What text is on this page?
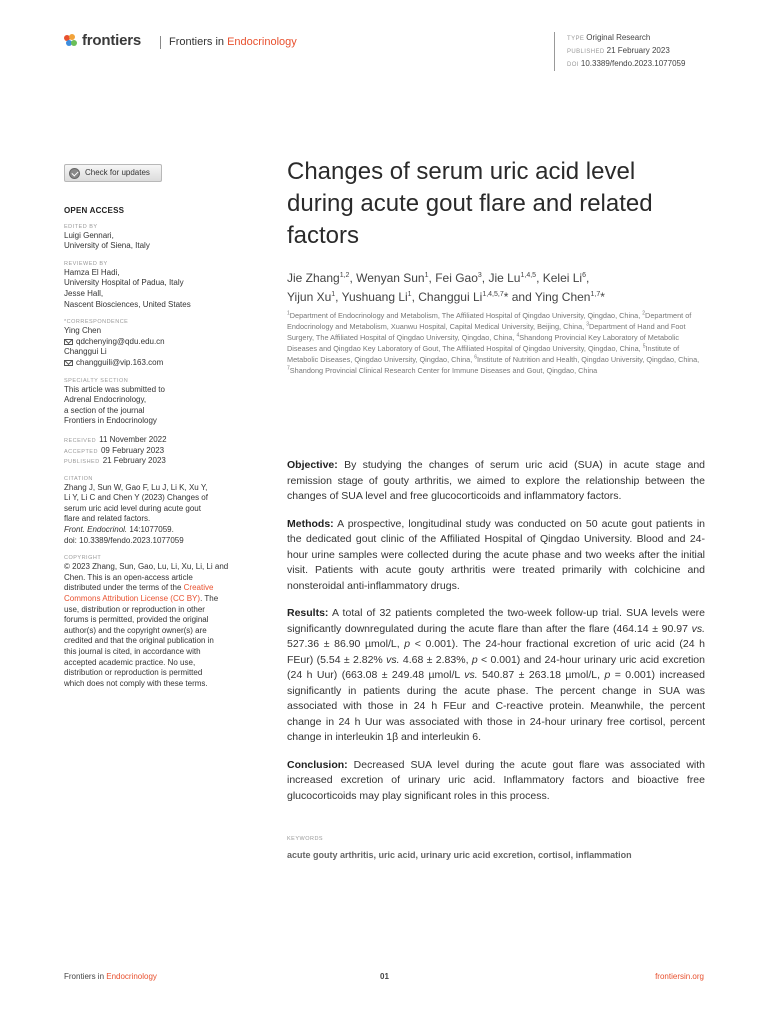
frontiers	Frontiers in Endocrinology	TYPE Original Research
PUBLISHED 21 February 2023
DOI 10.3389/fendo.2023.1077059
Check for updates
OPEN ACCESS
EDITED BY
Luigi Gennari,
University of Siena, Italy
REVIEWED BY
Hamza El Hadi,
University Hospital of Padua, Italy
Jesse Hall,
Nascent Biosciences, United States
*CORRESPONDENCE
Ying Chen
qdchenying@qdu.edu.cn
Changgui Li
changguili@vip.163.com
SPECIALTY SECTION
This article was submitted to
Adrenal Endocrinology,
a section of the journal
Frontiers in Endocrinology
RECEIVED 11 November 2022
ACCEPTED 09 February 2023
PUBLISHED 21 February 2023
CITATION
Zhang J, Sun W, Gao F, Lu J, Li K, Xu Y,
Li Y, Li C and Chen Y (2023) Changes of
serum uric acid level during acute gout
flare and related factors.
Front. Endocrinol. 14:1077059.
doi: 10.3389/fendo.2023.1077059
COPYRIGHT
© 2023 Zhang, Sun, Gao, Lu, Li, Xu, Li, Li and
Chen. This is an open-access article
distributed under the terms of the Creative
Commons Attribution License (CC BY). The
use, distribution or reproduction in other
forums is permitted, provided the original
author(s) and the copyright owner(s) are
credited and that the original publication in
this journal is cited, in accordance with
accepted academic practice. No use,
distribution or reproduction is permitted
which does not comply with these terms.
Changes of serum uric acid level during acute gout flare and related factors
Jie Zhang$^{1,2}$, Wenyan Sun$^1$, Fei Gao$^3$, Jie Lu$^{1,4,5}$, Kelei Li$^6$,
Yijun Xu$^1$, Yushuang Li$^1$, Changgui Li$^{1,4,5,7}$* and Ying Chen$^{1,7}$*
$^1$Department of Endocrinology and Metabolism, The Affiliated Hospital of Qingdao University, Qingdao, China, $^2$Department of Endocrinology and Metabolism, Xuanwu Hospital, Capital Medical University, Beijing, China, $^3$Department of Hand and Foot Surgery, The Affiliated Hospital of Qingdao University, Qingdao, China, $^4$Shandong Provincial Key Laboratory of Metabolic Diseases and Qingdao Key Laboratory of Gout, The Affiliated Hospital of Qingdao University, Qingdao, China, $^5$Institute of Metabolic Diseases, Qingdao University, Qingdao, China, $^6$Institute of Nutrition and Health, Qingdao University, Qingdao, China, $^7$Shandong Provincial Clinical Research Center for Immune Diseases and Gout, Qingdao, China

Objective: By studying the changes of serum uric acid (SUA) in acute stage and remission stage of gouty arthritis, we aimed to explore the relationship between the changes of SUA level and free glucocorticoids and inflammatory factors.

Methods: A prospective, longitudinal study was conducted on 50 acute gout patients in the dedicated gout clinic of the Affiliated Hospital of Qingdao University. Blood and 24-hour urine samples were collected during the acute phase and two weeks after the initial visit. Patients with acute gouty arthritis were treated primarily with colchicine and nonsteroidal anti-inflammatory drugs.

Results: A total of 32 patients completed the two-week follow-up trial. SUA levels were significantly downregulated during the acute flare than after the flare (464.14 ± 90.97 vs. 527.36 ± 86.90 µmol/L, p < 0.001). The 24-hour fractional excretion of uric acid (24 h FEur) (5.54 ± 2.82% vs. 4.68 ± 2.83%, p < 0.001) and 24-hour urinary uric acid excretion (24 h Uur) (663.08 ± 249.48 µmol/L vs. 540.87 ± 263.18 µmol/L, p = 0.001) increased significantly in patients during the acute phase. The percent change in SUA was associated with those in 24 h FEur and C-reactive protein. Meanwhile, the percent change in 24 h Uur was associated with those in 24-hour urinary free cortisol, percent change in interleukin 1β and interleukin 6.

Conclusion: Decreased SUA level during the acute gout flare was associated with increased excretion of urinary uric acid. Inflammatory factors and bioactive free glucocorticoids may play significant roles in this process.

KEYWORDS
acute gouty arthritis, uric acid, urinary uric acid excretion, cortisol, inflammation
Frontiers in Endocrinology	01	frontiersin.org
